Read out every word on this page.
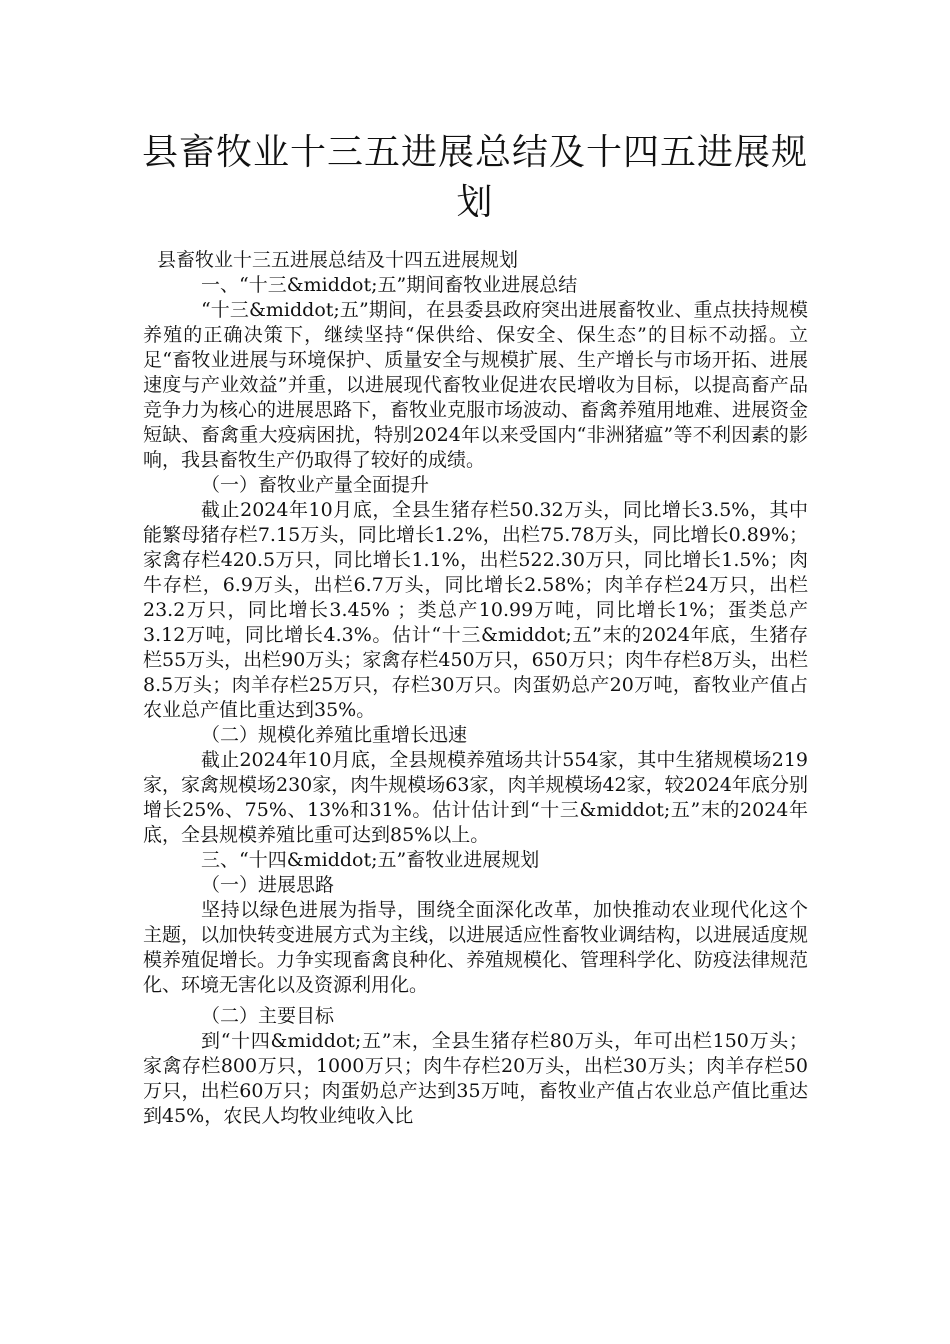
县畜牧业十三五进展总结及十四五进展规划

县畜牧业十三五进展总结及十四五进展规划

一、“十三&middot;五”期间畜牧业进展总结

“十三&middot;五”期间，在县委县政府突出进展畜牧业、重点扶持规模养殖的正确决策下，继续坚持“保供给、保安全、保生态”的目标不动摇。立足“畜牧业进展与环境保护、质量安全与规模扩展、生产增长与市场开拓、进展速度与产业效益”并重，以进展现代畜牧业促进农民增收为目标，以提高畜产品竞争力为核心的进展思路下，畜牧业克服市场波动、畜禽养殖用地难、进展资金短缺、畜禽重大疫病困扰，特别2024年以来受国内“非洲猪瘟”等不利因素的影响，我县畜牧生产仍取得了较好的成绩。

（一）畜牧业产量全面提升

截止2024年10月底，全县生猪存栏50.32万头，同比增长3.5%，其中能繁母猪存栏7.15万头，同比增长1.2%，出栏75.78万头，同比增长0.89%；家禽存栏420.5万只，同比增长1.1%，出栏522.30万只，同比增长1.5%；肉牛存栏，6.9万头，出栏6.7万头，同比增长2.58%；肉羊存栏24万只，出栏23.2万只，同比增长3.45% ；类总产10.99万吨，同比增长1%；蛋类总产3.12万吨，同比增长4.3%。估计“十三&middot;五”末的2024年底，生猪存栏55万头，出栏90万头；家禽存栏450万只，650万只；肉牛存栏8万头，出栏8.5万头；肉羊存栏25万只，存栏30万只。肉蛋奶总产20万吨，畜牧业产值占农业总产值比重达到35%。

（二）规模化养殖比重增长迅速

截止2024年10月底，全县规模养殖场共计554家，其中生猪规模场219家，家禽规模场230家，肉牛规模场63家，肉羊规模场42家，较2024年底分别增长25%、75%、13%和31%。估计估计到“十三&middot;五”末的2024年底，全县规模养殖比重可达到85%以上。

三、“十四&middot;五”畜牧业进展规划

（一）进展思路

坚持以绿色进展为指导，围绕全面深化改革，加快推动农业现代化这个主题，以加快转变进展方式为主线，以进展适应性畜牧业调结构，以进展适度规模养殖促增长。力争实现畜禽良种化、养殖规模化、管理科学化、防疫法律规范化、环境无害化以及资源利用化。

（二）主要目标

到“十四&middot;五”末，全县生猪存栏80万头，年可出栏150万头；家禽存栏800万只，1000万只；肉牛存栏20万头，出栏30万头；肉羊存栏50万只，出栏60万只；肉蛋奶总产达到35万吨，畜牧业产值占农业总产值比重达到45%，农民人均牧业纯收入比
